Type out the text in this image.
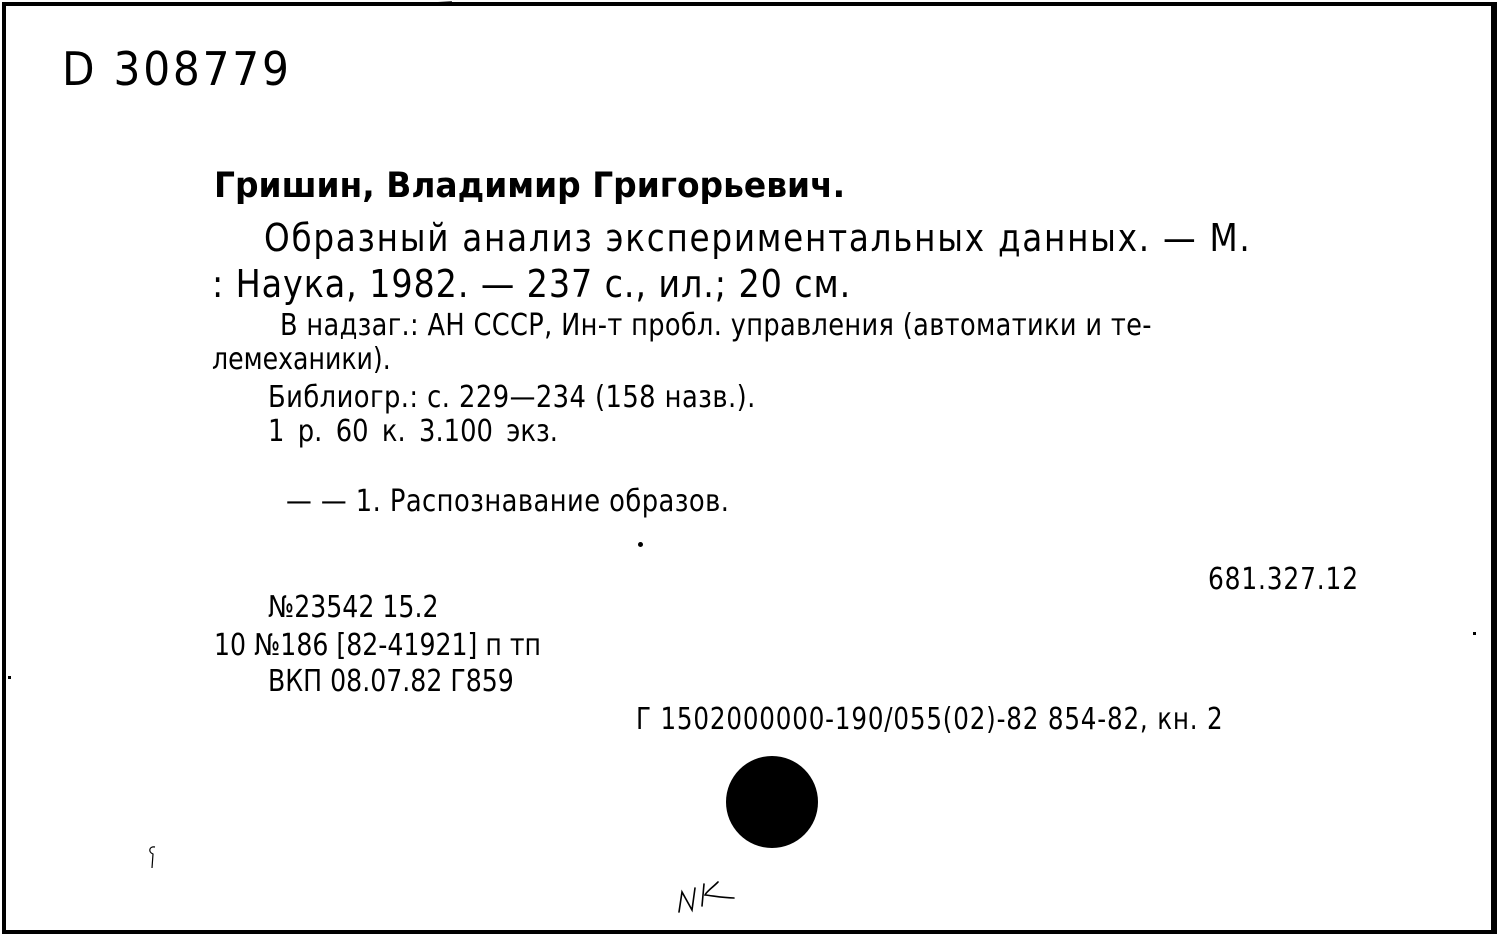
D 308779
Гришин, Владимир Григорьевич.
Образный анализ экспериментальных данных. — М.
: Наука, 1982. — 237 с., ил.; 20 см.
В надзаг.: АН СССР, Ин-т пробл. управления (автоматики и те-
лемеханики).
Библиогр.: с. 229—234 (158 назв.).
1 р. 60 к. 3.100 экз.
— — 1. Распознавание образов.
681.327.12
№23542 15.2
10 №186 [82-41921] п тп
ВКП 08.07.82 Г859
Г 1502000000-190/055(02)-82 854-82, кн. 2
